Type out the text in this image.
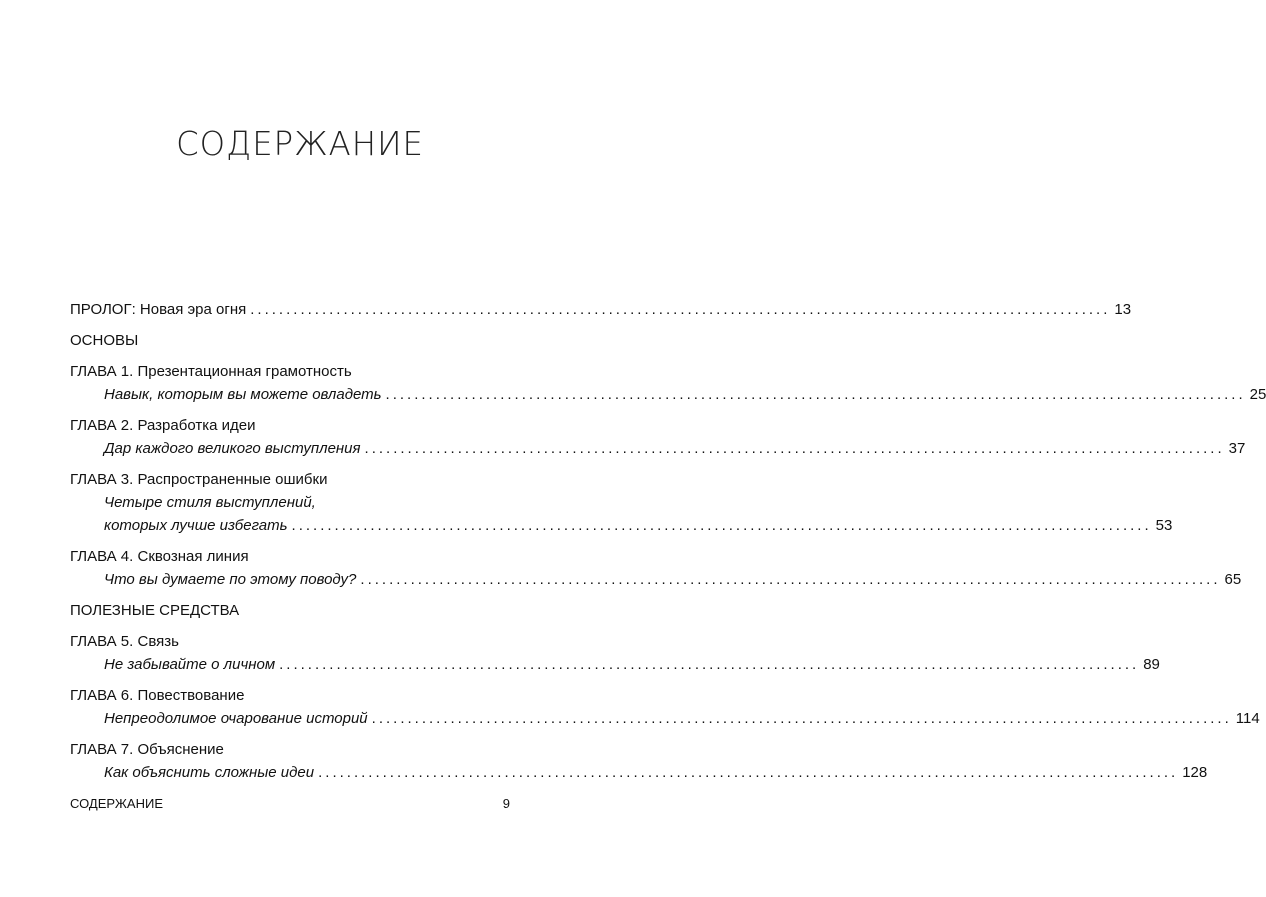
СОДЕРЖАНИЕ
ПРОЛОГ: Новая эра огня ........................................................................................................................ 13
ОСНОВЫ
ГЛАВА 1. Презентационная грамотность
Навык, которым вы можете овладеть ........................................................................................................................ 25
ГЛАВА 2. Разработка идеи
Дар каждого великого выступления ........................................................................................................................ 37
ГЛАВА 3. Распространенные ошибки
Четыре стиля выступлений,
которых лучше избегать ........................................................................................................................ 53
ГЛАВА 4. Сквозная линия
Что вы думаете по этому поводу? ........................................................................................................................ 65
ПОЛЕЗНЫЕ СРЕДСТВА
ГЛАВА 5. Связь
Не забывайте о личном ........................................................................................................................ 89
ГЛАВА 6. Повествование
Непреодолимое очарование историй ........................................................................................................................ 114
ГЛАВА 7. Объяснение
Как объяснить сложные идеи ........................................................................................................................ 128
СОДЕРЖАНИЕ	9
